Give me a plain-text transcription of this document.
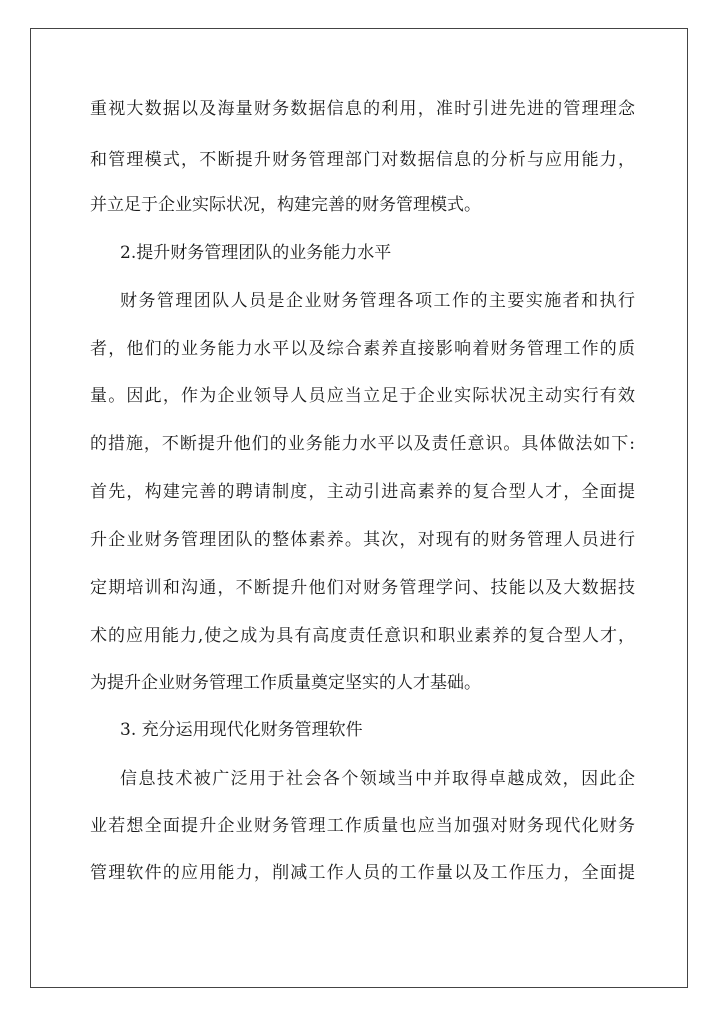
重视大数据以及海量财务数据信息的利用，准时引进先进的管理理念
和管理模式，不断提升财务管理部门对数据信息的分析与应用能力，
并立足于企业实际状况，构建完善的财务管理模式。
2.提升财务管理团队的业务能力水平
财务管理团队人员是企业财务管理各项工作的主要实施者和执行
者，他们的业务能力水平以及综合素养直接影响着财务管理工作的质
量。因此，作为企业领导人员应当立足于企业实际状况主动实行有效
的措施，不断提升他们的业务能力水平以及责任意识。具体做法如下:
首先，构建完善的聘请制度，主动引进高素养的复合型人才，全面提
升企业财务管理团队的整体素养。其次，对现有的财务管理人员进行
定期培训和沟通，不断提升他们对财务管理学问、技能以及大数据技
术的应用能力,使之成为具有高度责任意识和职业素养的复合型人才，
为提升企业财务管理工作质量奠定坚实的人才基础。
3. 充分运用现代化财务管理软件
信息技术被广泛用于社会各个领域当中并取得卓越成效，因此企
业若想全面提升企业财务管理工作质量也应当加强对财务现代化财务
管理软件的应用能力，削减工作人员的工作量以及工作压力，全面提
